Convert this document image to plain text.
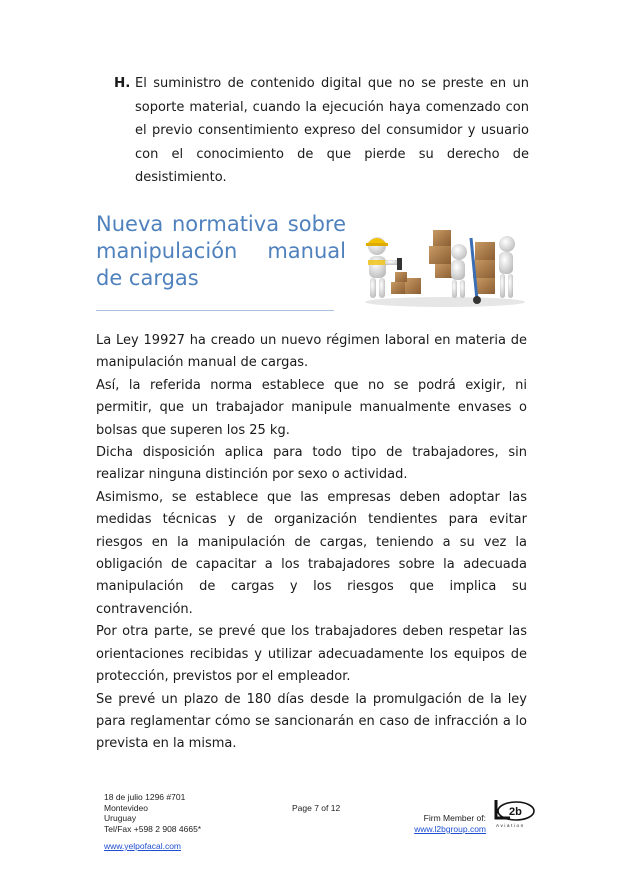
H. El suministro de contenido digital que no se preste en un soporte material, cuando la ejecución haya comenzado con el previo consentimiento expreso del consumidor y usuario con el conocimiento de que pierde su derecho de desistimiento.
Nueva normativa sobre manipulación manual de cargas

La Ley 19927 ha creado un nuevo régimen laboral en materia de manipulación manual de cargas.

Así, la referida norma establece que no se podrá exigir, ni permitir, que un trabajador manipule manualmente envases o bolsas que superen los 25 kg.

Dicha disposición aplica para todo tipo de trabajadores, sin realizar ninguna distinción por sexo o actividad.

Asimismo, se establece que las empresas deben adoptar las medidas técnicas y de organización tendientes para evitar riesgos en la manipulación de cargas, teniendo a su vez la obligación de capacitar a los trabajadores sobre la adecuada manipulación de cargas y los riesgos que implica su contravención.

Por otra parte, se prevé que los trabajadores deben respetar las orientaciones recibidas y utilizar adecuadamente los equipos de protección, previstos por el empleador.

Se prevé un plazo de 180 días desde la promulgación de la ley para reglamentar cómo se sancionarán en caso de infracción a lo prevista en la misma.

18 de julio 1296 #701
Montevideo
Uruguay
Tel/Fax +598 2 908 4665*
Page 7 of 12
Firm Member of:
www.l2bgroup.com
www.yelpofacal.com
2b
Aviation
